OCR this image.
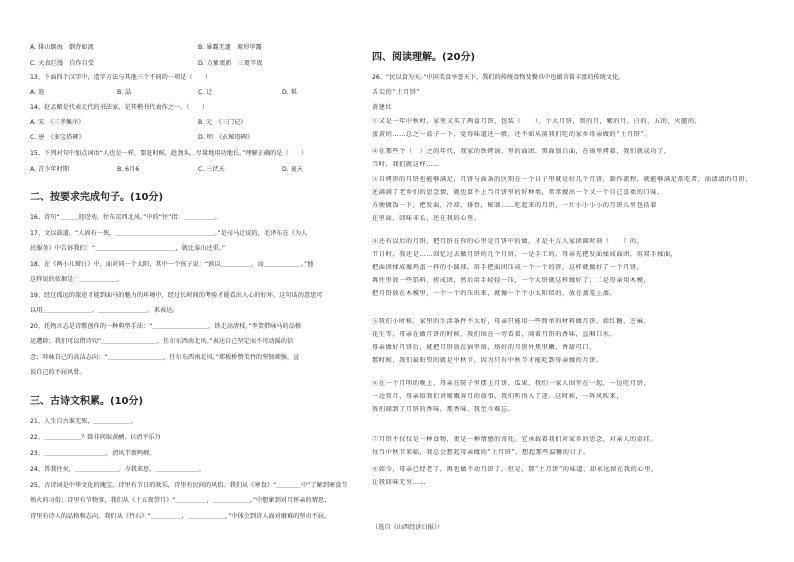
A. 排山倒海　倒背如流	B. 暴露无遗　原形毕露
C. 天真烂漫　自作自受	D. 万象更新　三更半夜
13、下面四个汉字中，造字方法与其他三个不同的一项是（　　）
A. 逍	B. 晶	C. 迁	D. 惧
14、赵孟頫是代表元代的书法家，是其楷书代表作之一。（　　）
A. 宋　《三孝集序》	B. 元　《三门记》
C. 唐　《多宝塔碑》	D. 明　《玄秘塔碑》
15、下列对句中加点词语“人也是一样，要赶时候，趁劲头，尽量地用功地长。”理解正确的是（　　）
A. 青少年时期	B. 6月6	C. 三伏天	D. 夏天
二、按要求完成句子。(10分)
16、诗句“＿＿＿迎迓劝，往东京西北风。”中的“往”指：＿＿＿＿＿。
17、文以载道。“人固有一死，＿＿＿＿＿＿＿＿＿＿＿＿＿＿＿＿。”是司马迁说的，毛泽东在《为人
民服务》中告诉我们：“＿＿＿＿＿＿＿＿＿＿＿＿＿，就比泰山还重。”
18、在《两小儿辩日》中，面对同一个太阳，其中一个孩子说：“孰以＿＿＿＿＿，而＿＿＿＿＿＿。”他
这样说的依据是：＿＿＿＿＿＿。
19、经过孤远的旅途才能到面马的魅力的环境中，经过长时间的考验才能看出人心的好坏。这句话的意思可
以用＿＿＿＿＿＿＿＿，＿＿＿＿＿＿＿＿。来表达。
20、托物言志是诗歌创作的一种典型手法：“＿＿＿＿＿＿＿＿＿，铁走高清枝。”李贺借咏马的品格
运遭辟；我们可以借诗句“＿＿＿＿＿＿＿＿＿，任尔东西南北风。”表达自己坚定而不可动摇的信
念；吟咏自己的高洁志向：“＿＿＿＿＿＿＿＿＿，任尔东西南北风。”郑板桥赞美竹的坚韧顽强，宣
说自己的不屈风骨。
三、古诗文积累。(10分)
21、人生自古谁无死，＿＿＿＿＿＿。
22、＿＿＿＿＿＿？除非问取黄鹂。(《清平乐》)
23、＿＿＿＿＿＿＿＿＿＿，清风半夜鸣蝉。
24、兽我往矣，＿＿＿＿＿＿＿。今我来思，＿＿＿＿＿＿＿。
25、古诗词是中华文化的瑰宝，诗里有节日的欢乐，诗里有民间的风俗。我们从《寒食》“＿＿＿＿中”了解到寒食节
熟火的习俗；诗里有节物事，我们从《十五夜望月》“＿＿＿＿＿，＿＿＿＿＿＿。”中想象到对月怀亲的情思；
诗里有诗人的品格和志向，我们从《竹石》“＿＿＿＿＿，＿＿＿＿＿＿。”中体会到诗人面对磨难的坚贞不屈。
四、阅读理解。(20分)
26、“民以食为天。”中国美食享誉天下，我们的传统食物及餐具中也蕴含着丰富的传统文化。
舌尖的“土月饼”
黄建红
①又是一年中秋时，家里又买了两盒月饼，包装（　　）、个大月饼，黑的月，紫的月，白的，五的，火腿的，
蛋黄的……总之一盒子一下，觉得味道还一般，还不如从前我们吃的家乡母亲做的“土月饼”。
②在那些个（　）之的年代，我家的铁烤锅，里的面团，黑面加白面，在锅里烤着，我们就成功了，
当时，我们就这样……
③自烤饼的月饼也能够满足，月饼与面条的区别在一个日子里就是好几个月饼，制作流程，就能够满足常吃者，油渍渍的月饼，
还满满了老乡们的思念情，就也算不上当月饼里的好种类，常常做出一个又一个自己喜欢的口味，
方便做饭一下，把发面，冷却，排骨，秘制……吃起来的月饼，一片小小小小的月饼儿里包括着
在里面，回味非长，还在我的心里。
④还有以后的月饼，把月饼在你的心里是月饼中的做，才是千万人家团圆时刻（　　）的，
节日时，我还是……回忆过去做月饼的几个月饼，一是手工的，母亲先把发面揉成面团，用双手揉面，
把面团揉成像鸡蛋一样的小圆球，用手把面团压成一个一个的饼，这样就做好了一个月饼。
再往里放一些馅料，搓成团，然后用手轻轻一压，一个大饼就这样做好了；二是母亲用木模，
把月饼放在木模里，一个一个的压出来，就像一个个小太阳似的，放在蒸笼上蒸。
⑤我们小时候，家里的生活条件不太好，母亲只能用一些简单的材料做月饼，如红糖、芝麻、
花生等，母亲在做月饼的时候，我们围在一旁看着，闻着月饼的香味，直咽口水。
母亲做好月饼后，就把月饼放在锅里烙，烙好的月饼外焦里嫩，香甜可口。
那时候，我们最盼望的就是中秋节，因为只有中秋节才能吃到母亲做的月饼。
⑥在一个月明的晚上，母亲在院子里摆上月饼、瓜果，我们一家人围坐在一起，一边吃月饼，
一边赏月，母亲给我们讲嫦娥奔月的故事，我们听得入了迷。这时候，一阵风吹来，
我们闻到了月饼的香味，那香味，我至今难忘。
⑦月饼不仅仅是一种食物，更是一种情感的寄托。它承载着我们对家乡的思念，对亲人的牵挂。
每当中秋节来临，我总会想起母亲做的“土月饼”，想起那些温馨的日子。
⑧如今，母亲已经老了，再也做不动月饼了。但是，那“土月饼”的味道，却永远留在我的心里，
让我回味无穷……
（选自《山西经济日报》）
